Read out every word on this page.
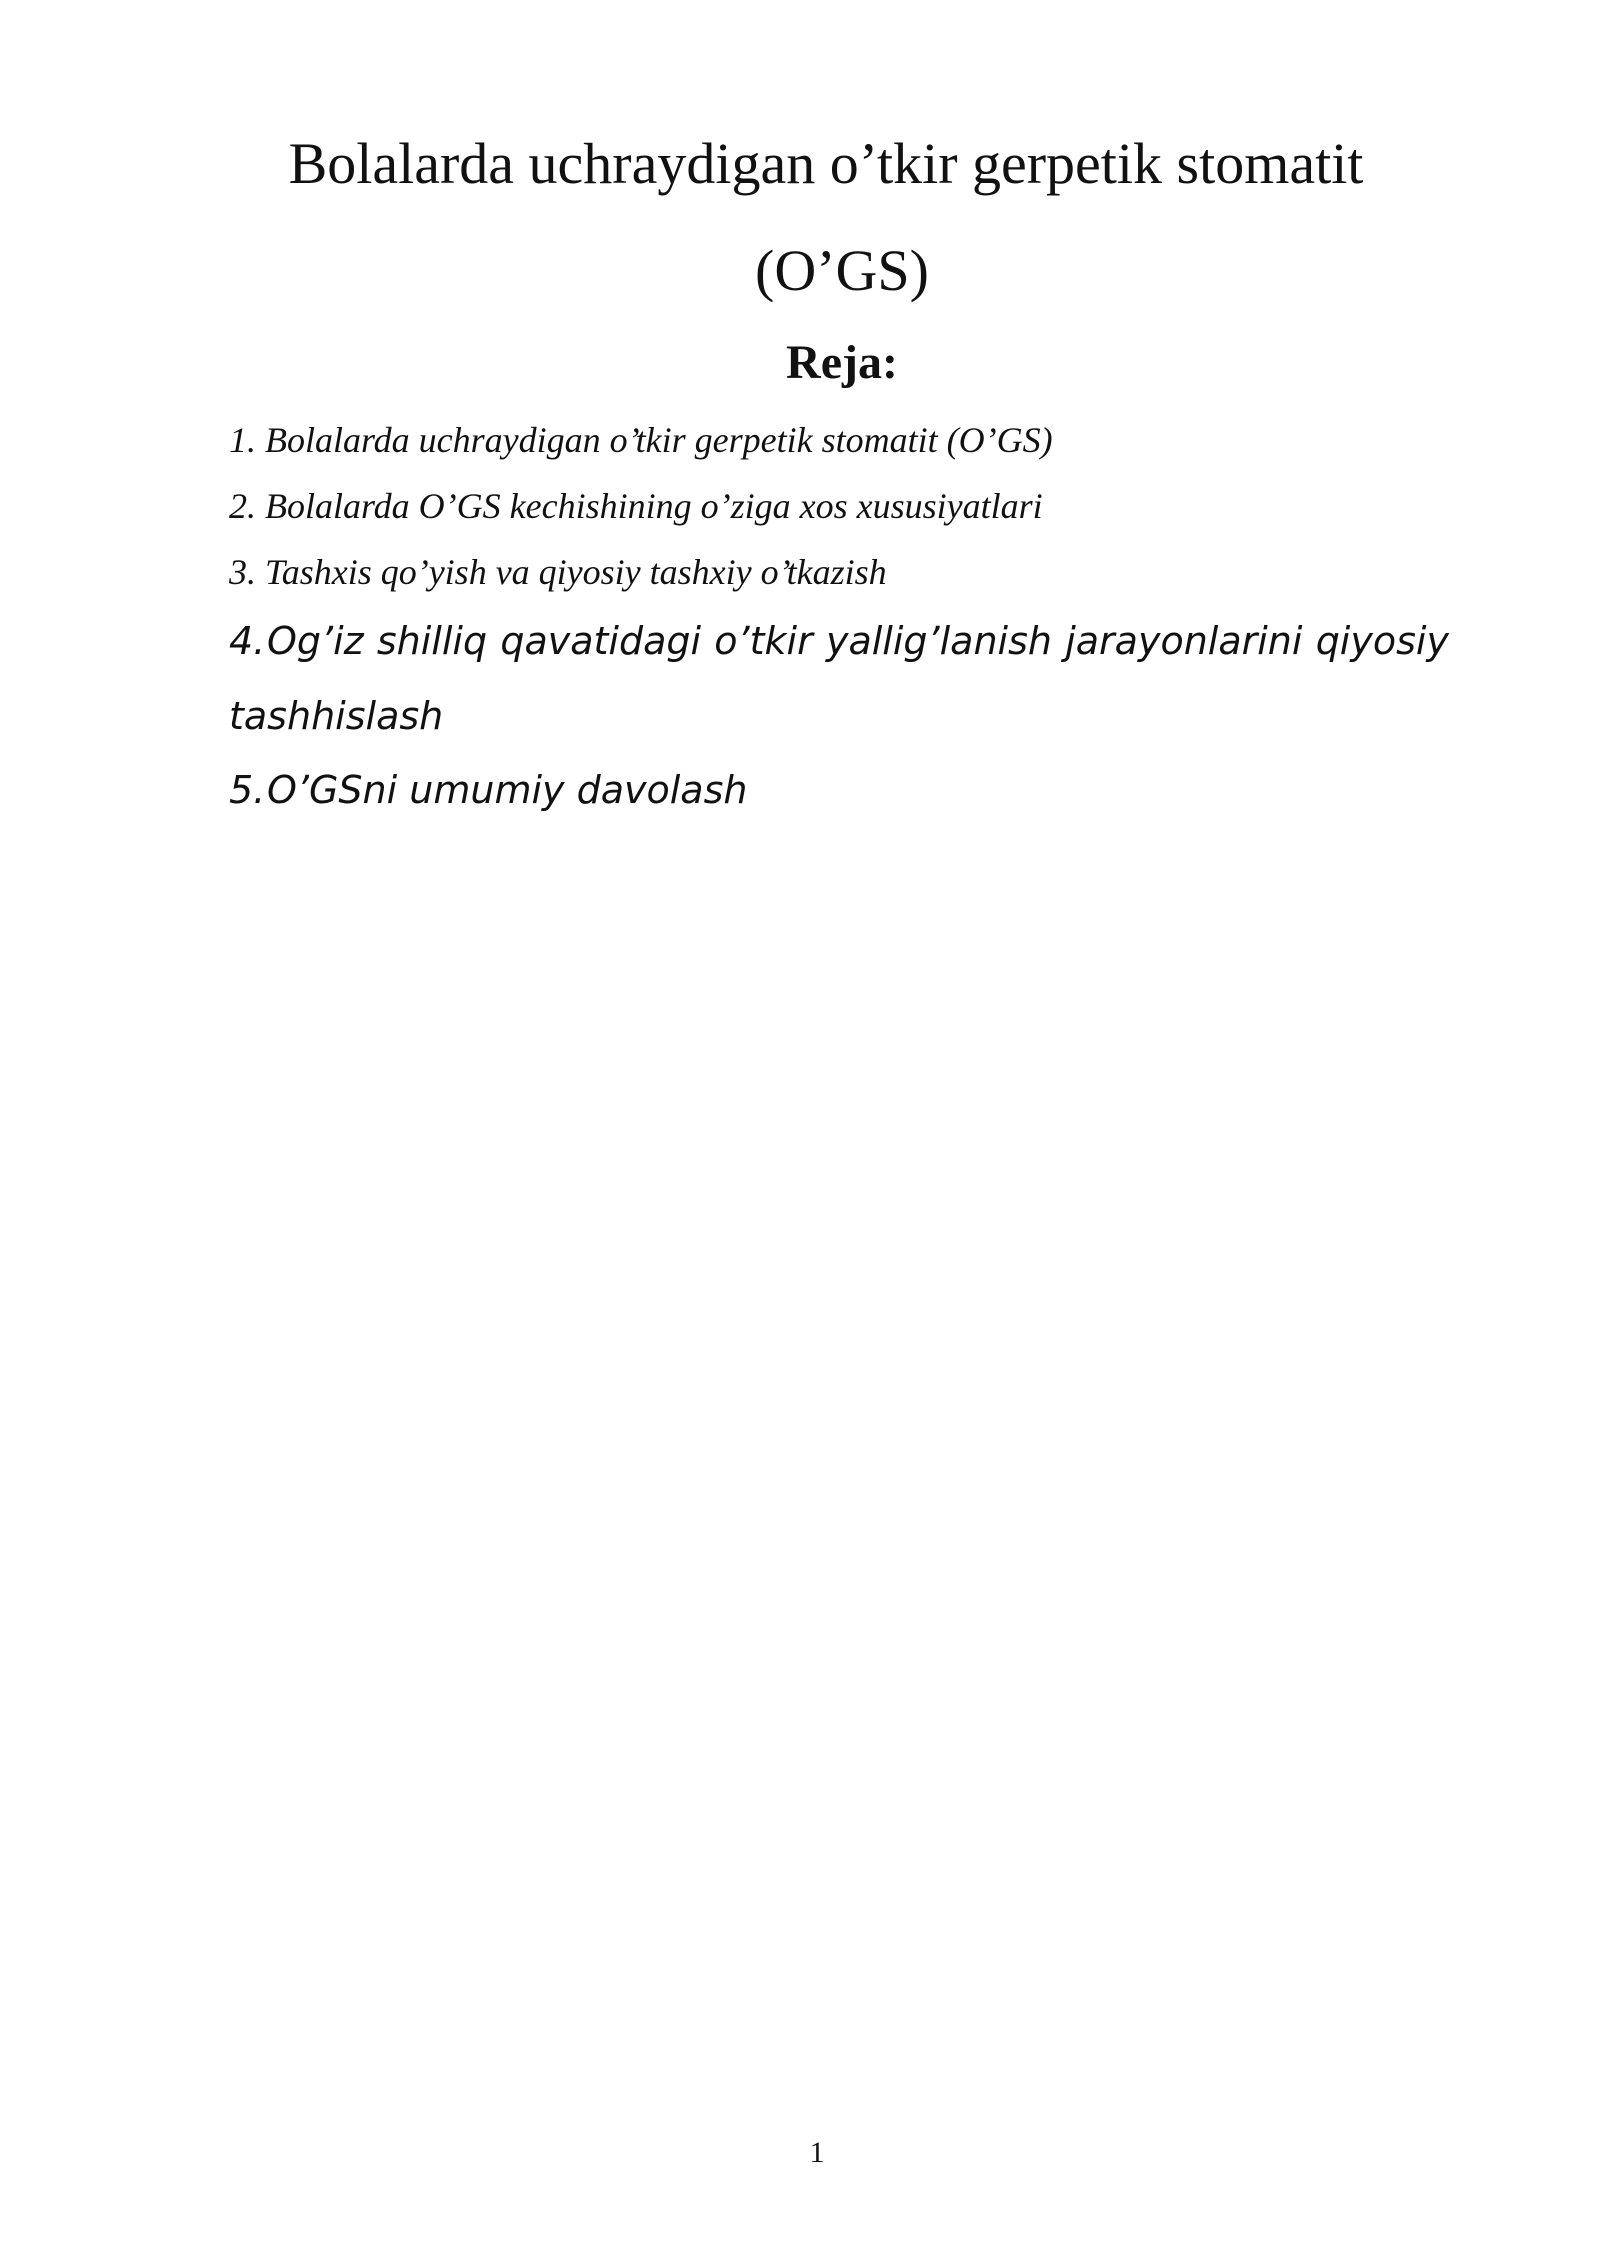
Bolalarda uchraydigan o’tkir gerpetik stomatit
(O’GS)
Reja:
1. Bolalarda uchraydigan o’tkir gerpetik stomatit (O’GS)
2. Bolalarda O’GS kechishining o’ziga xos xususiyatlari
3. Tashxis qo’yish va qiyosiy tashxiy o’tkazish
4.Og’iz shilliq qavatidagi o’tkir yallig’lanish jarayonlarini qiyosiy
tashhislash
5.O’GSni umumiy davolash
1
